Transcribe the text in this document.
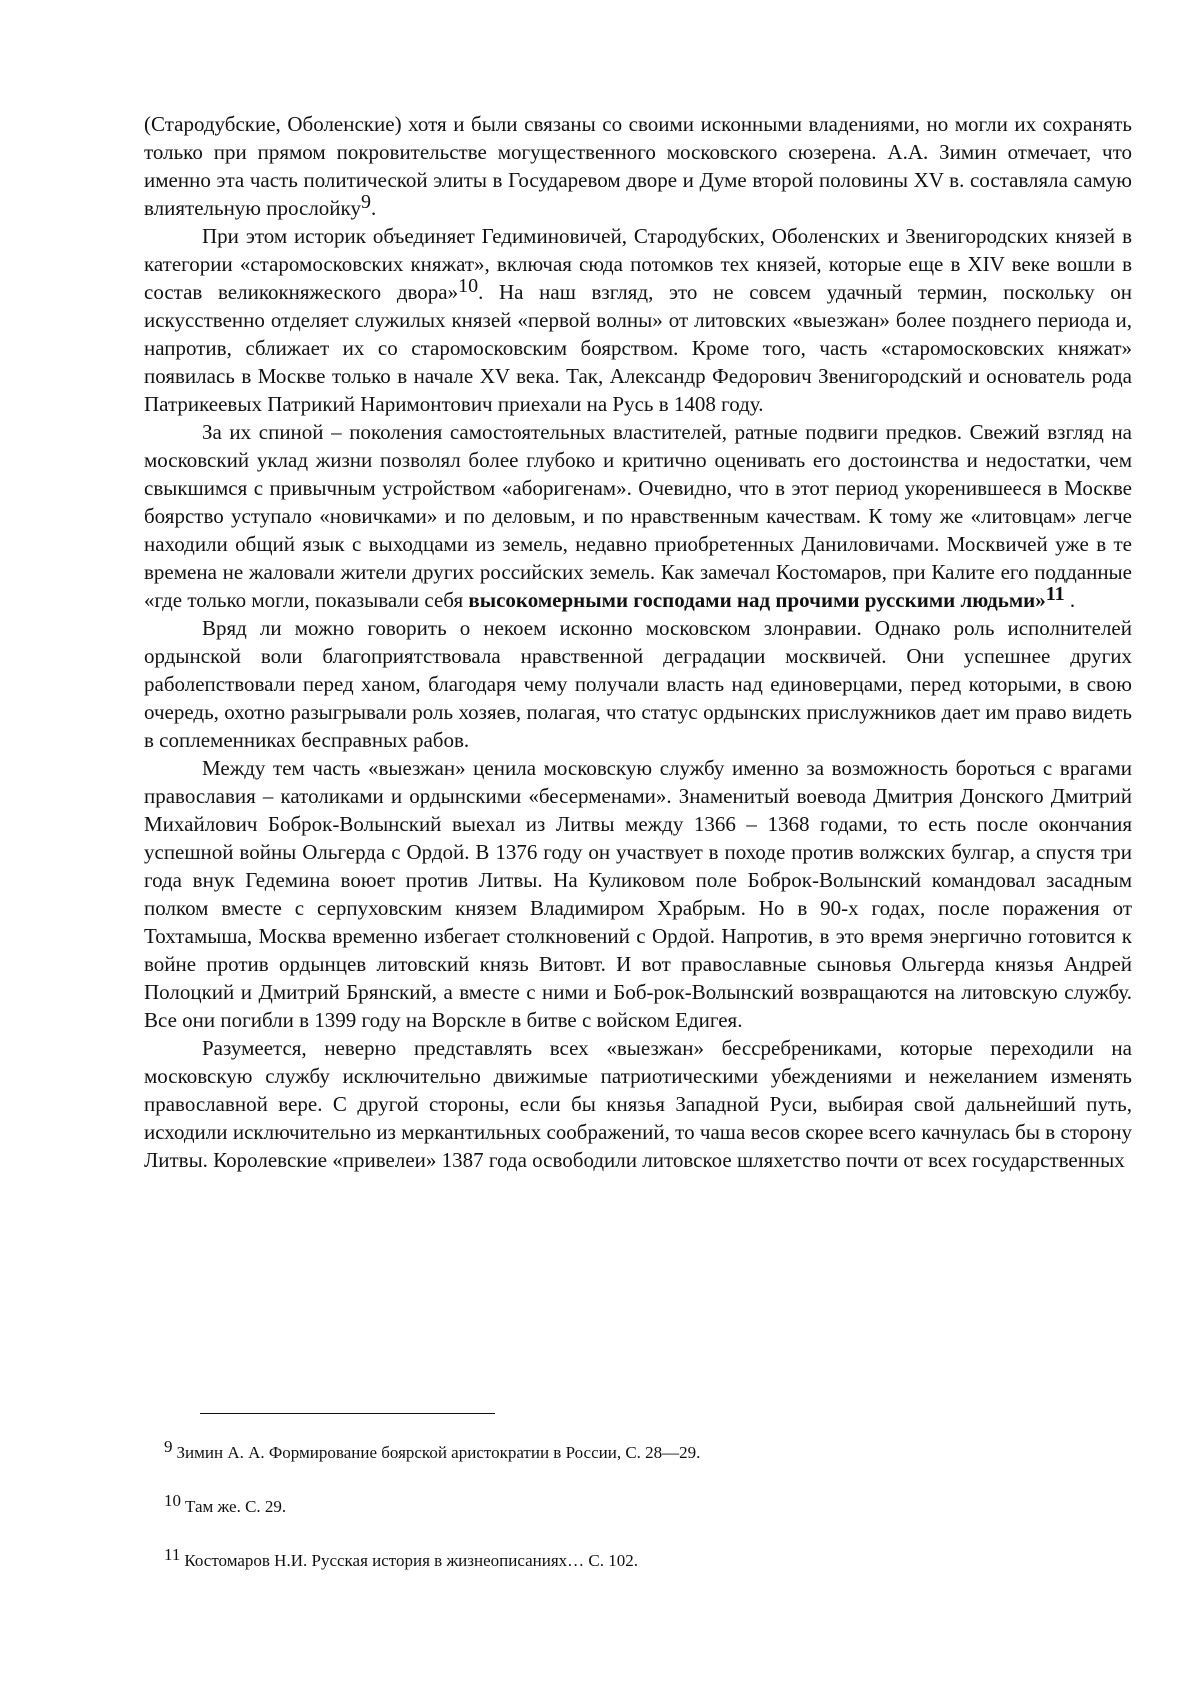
(Стародубские, Оболенские) хотя и были связаны со своими исконными владениями, но могли их сохранять только при прямом покровительстве могущественного московского сюзерена. А.А. Зимин отмечает, что именно эта часть политической элиты в Государевом дворе и Думе второй половины XV в. составляла самую влиятельную прослойку$^9$.

При этом историк объединяет Гедиминовичей, Стародубских, Оболенских и Звенигородских князей в категории «старомосковских княжат», включая сюда потомков тех князей, которые еще в XIV веке вошли в состав великокняжеского двора»$^{10}$. На наш взгляд, это не совсем удачный термин, поскольку он искусственно отделяет служилых князей «первой волны» от литовских «выезжан» более позднего периода и, напротив, сближает их со старомосковским боярством. Кроме того, часть «старомосковских княжат» появилась в Москве только в начале XV века. Так, Александр Федорович Звенигородский и основатель рода Патрикеевых Патрикий Наримонтович приехали на Русь в 1408 году.

За их спиной – поколения самостоятельных властителей, ратные подвиги предков. Свежий взгляд на московский уклад жизни позволял более глубоко и критично оценивать его достоинства и недостатки, чем свыкшимся с привычным устройством «аборигенам». Очевидно, что в этот период укоренившееся в Москве боярство уступало «новичками» и по деловым, и по нравственным качествам. К тому же «литовцам» легче находили общий язык с выходцами из земель, недавно приобретенных Даниловичами. Москвичей уже в те времена не жаловали жители других российских земель. Как замечал Костомаров, при Калите его подданные «где только могли, показывали себя высокомерными господами над прочими русскими людьми»$^{11}$ .

Вряд ли можно говорить о некоем исконно московском злонравии. Однако роль исполнителей ордынской воли благоприятствовала нравственной деградации москвичей. Они успешнее других раболепствовали перед ханом, благодаря чему получали власть над единоверцами, перед которыми, в свою очередь, охотно разыгрывали роль хозяев, полагая, что статус ордынских прислужников дает им право видеть в соплеменниках бесправных рабов.

Между тем часть «выезжан» ценила московскую службу именно за возможность бороться с врагами православия – католиками и ордынскими «бесерменами». Знаменитый воевода Дмитрия Донского Дмитрий Михайлович Боброк-Волынский выехал из Литвы между 1366 – 1368 годами, то есть после окончания успешной войны Ольгерда с Ордой. В 1376 году он участвует в походе против волжских булгар, а спустя три года внук Гедемина воюет против Литвы. На Куликовом поле Боброк-Волынский командовал засадным полком вместе с серпуховским князем Владимиром Храбрым. Но в 90-х годах, после поражения от Тохтамыша, Москва временно избегает столкновений с Ордой. Напротив, в это время энергично готовится к войне против ордынцев литовский князь Витовт. И вот православные сыновья Ольгерда князья Андрей Полоцкий и Дмитрий Брянский, а вместе с ними и Боб-рок-Волынский возвращаются на литовскую службу. Все они погибли в 1399 году на Ворскле в битве с войском Едигея.

Разумеется, неверно представлять всех «выезжан» бессребрениками, которые переходили на московскую службу исключительно движимые патриотическими убеждениями и нежеланием изменять православной вере. С другой стороны, если бы князья Западной Руси, выбирая свой дальнейший путь, исходили исключительно из меркантильных соображений, то чаша весов скорее всего качнулась бы в сторону Литвы. Королевские «привелеи» 1387 года освободили литовское шляхетство почти от всех государственных

9 Зимин А. А. Формирование боярской аристократии в России, С. 28—29.
10 Там же. С. 29.
11 Костомаров Н.И. Русская история в жизнеописаниях… С. 102.
